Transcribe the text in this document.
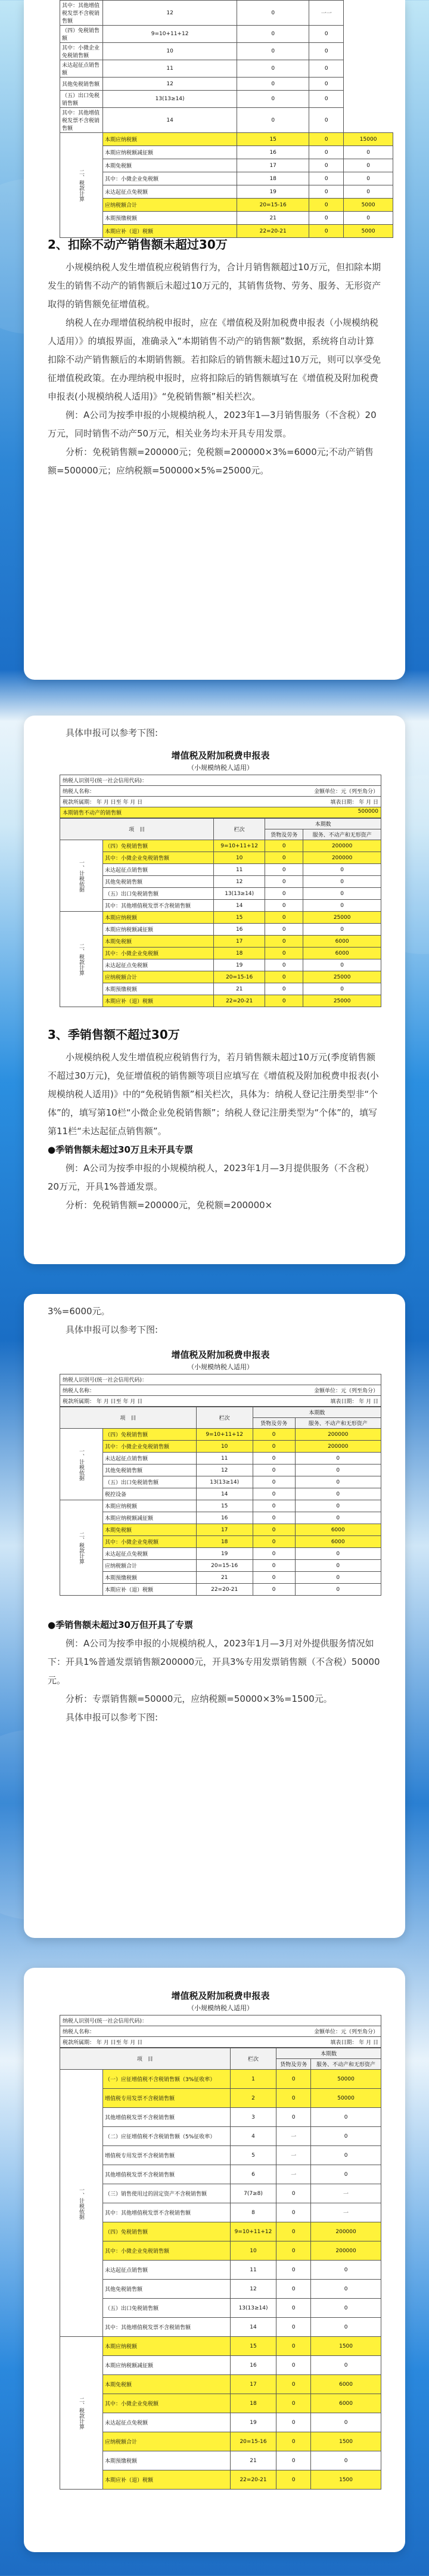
其中：其他增值税发票不含税销售额	12	0	一一	
（四）免税销售额	9=10+11+12	0	0	
其中：小微企业免税销售额	10	0	0	
未达起征点销售额	11	0	0	
其他免税销售额	12	0	0	
（五）出口免税销售额	13(13≥14)	0	0	
其中：其他增值税发票不含税销售额	14	0	0	
二、税款计算	本期应纳税额	15	0	15000
	本期应纳税额减征额	16	0	0
	本期免税额	17	0	0
	其中：小微企业免税额	18	0	0
	未达起征点免税额	19	0	0
	应纳税额合计	20=15-16	0	5000
	本期预缴税额	21	0	0
	本期应补（退）税额	22=20-21	0	5000
2、扣除不动产销售额未超过30万

小规模纳税人发生增值税应税销售行为，合计月销售额超过10万元，但扣除本期发生的销售不动产的销售额后未超过10万元的，其销售货物、劳务、服务、无形资产取得的销售额免征增值税。

纳税人在办理增值税纳税申报时，应在《增值税及附加税费申报表（小规模纳税人适用）》的填报界面，准确录入“本期销售不动产的销售额”数据，系统将自动计算扣除不动产销售额后的本期销售额。若扣除后的销售额未超过10万元，则可以享受免征增值税政策。在办理纳税申报时，应将扣除后的销售额填写在《增值税及附加税费申报表(小规模纳税人适用)》“免税销售额”相关栏次。

例：A公司为按季申报的小规模纳税人，2023年1—3月销售服务（不含税）20万元，同时销售不动产50万元，相关业务均未开具专用发票。

分析：免税销售额=200000元；免税额=200000×3%=6000元;不动产销售额=500000元；应纳税额=500000×5%=25000元。

具体申报可以参考下图:

增值税及附加税费申报表
（小规模纳税人适用）
纳税人识别号(统一社会信用代码)：
纳税人名称：	金额单位：元（列至角分）
税款所属期： 年 月 日至 年 月 日	填表日期： 年 月 日
本期销售不动产的销售额	500000
项　目		栏次	本期数	
			货物及劳务	服务、不动产和无形资产
一、计税依据	（四）免税销售额	9=10+11+12	0	200000
	其中：小微企业免税销售额	10	0	200000
	未达起征点销售额	11	0	0
	其他免税销售额	12	0	0
	（五）出口免税销售额	13(13≥14)	0	0
	其中：其他增值税发票不含税销售额	14	0	0
二、税款计算	本期应纳税额	15	0	25000
	本期应纳税额减征额	16	0	0
	本期免税额	17	0	6000
	其中：小微企业免税额	18	0	6000
	未达起征点免税额	19	0	0
	应纳税额合计	20=15-16	0	25000
	本期预缴税额	21	0	0
	本期应补（退）税额	22=20-21	0	25000
3、季销售额不超过30万

小规模纳税人发生增值税应税销售行为，若月销售额未超过10万元(季度销售额不超过30万元)，免征增值税的销售额等项目应填写在《增值税及附加税费申报表(小规模纳税人适用)》中的“免税销售额”相关栏次，具体为：纳税人登记注册类型非“个体”的，填写第10栏“小微企业免税销售额”；纳税人登记注册类型为“个体”的，填写第11栏“未达起征点销售额”。

●季销售额未超过30万且未开具专票

例：A公司为按季申报的小规模纳税人，2023年1月—3月提供服务（不含税）20万元，开具1%普通发票。

分析：免税销售额=200000元，免税额=200000×

3%=6000元。

具体申报可以参考下图:

增值税及附加税费申报表
（小规模纳税人适用）
纳税人识别号(统一社会信用代码)：
纳税人名称：	金额单位：元（列至角分）
税款所属期： 年 月 日至 年 月 日	填表日期： 年 月 日
项　目		栏次	本期数	
			货物及劳务	服务、不动产和无形资产
一、计税依据	（四）免税销售额	9=10+11+12	0	200000
	其中：小微企业免税销售额	10	0	200000
	未达起征点销售额	11	0	0
	其他免税销售额	12	0	0
	（五）出口免税销售额	13(13≥14)	0	0
	税控设备	14	0	0
二、税款计算	本期应纳税额	15	0	0
	本期应纳税额减征额	16	0	0
	本期免税额	17	0	6000
	其中：小微企业免税额	18	0	6000
	未达起征点免税额	19	0	0
	应纳税额合计	20=15-16	0	0
	本期预缴税额	21	0	0
	本期应补（退）税额	22=20-21	0	0
●季销售额未超过30万但开具了专票

例：A公司为按季申报的小规模纳税人，2023年1月—3月对外提供服务情况如下：开具1%普通发票销售额200000元，开具3%专用发票销售额（不含税）50000元。

分析：专票销售额=50000元，应纳税额=50000×3%=1500元。

具体申报可以参考下图:

增值税及附加税费申报表
（小规模纳税人适用）
纳税人识别号(统一社会信用代码)：
纳税人名称：	金额单位：元（列至角分）
税款所属期： 年 月 日至 年 月 日	填表日期： 年 月 日
项　目		栏次	本期数	
			货物及劳务	服务、不动产和无形资产
一、计税依据	（一）应征增值税不含税销售额（3%征收率）	1	0	50000
	增值税专用发票不含税销售额	2	0	50000
	其他增值税发票不含税销售额	3	0	0
	（二）应征增值税不含税销售额（5%征收率）	4	一	0
	增值税专用发票不含税销售额	5	一	0
	其他增值税发票不含税销售额	6	一	0
	（三）销售使用过的固定资产不含税销售额	7(7≥8)	0	一
	其中：其他增值税发票不含税销售额	8	0	一
	（四）免税销售额	9=10+11+12	0	200000
	其中：小微企业免税销售额	10	0	200000
	未达起征点销售额	11	0	0
	其他免税销售额	12	0	0
	（五）出口免税销售额	13(13≥14)	0	0
	其中：其他增值税发票不含税销售额	14	0	0
二、税款计算	本期应纳税额	15	0	1500
	本期应纳税额减征额	16	0	0
	本期免税额	17	0	6000
	其中：小微企业免税额	18	0	6000
	未达起征点免税额	19	0	0
	应纳税额合计	20=15-16	0	1500
	本期预缴税额	21	0	0
	本期应补（退）税额	22=20-21	0	1500
